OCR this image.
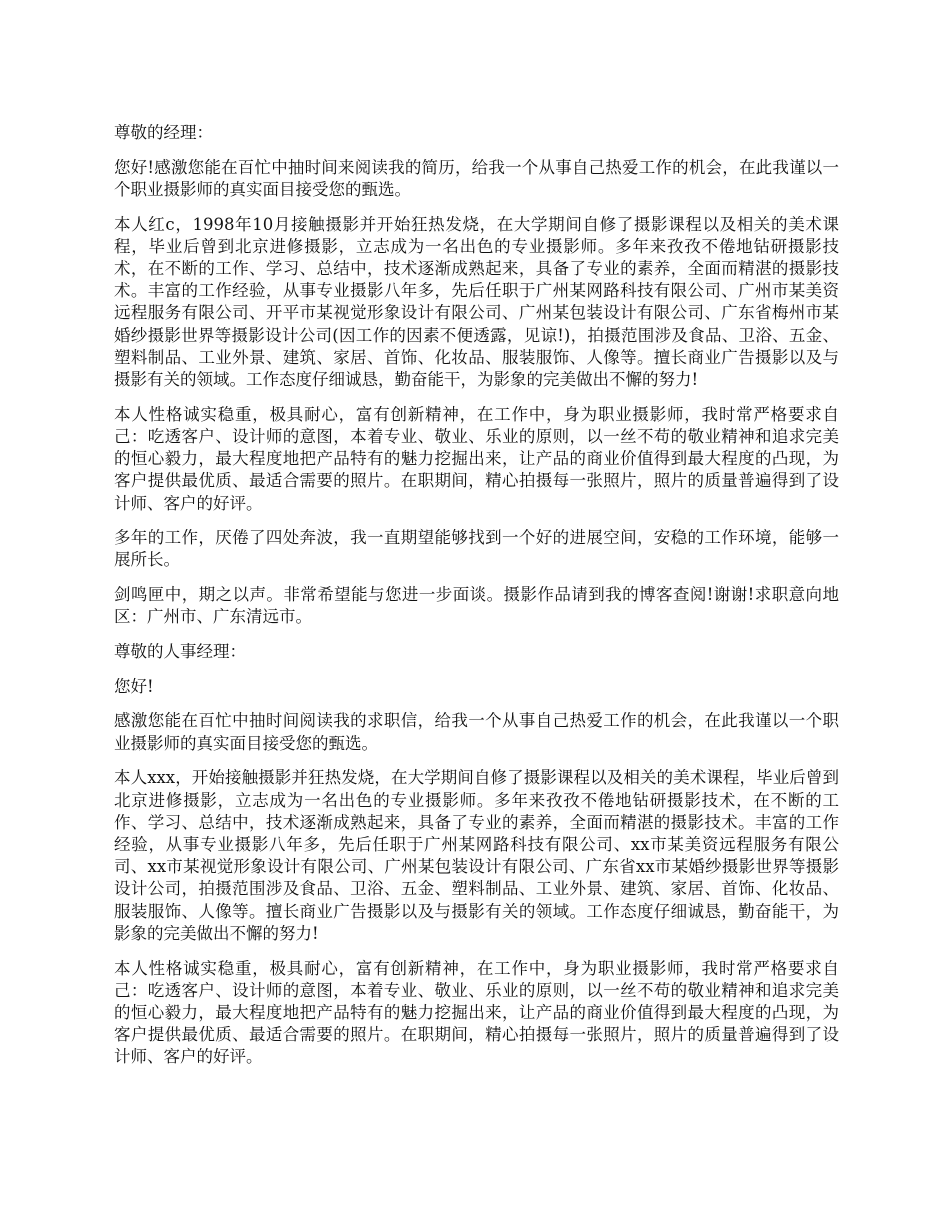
尊敬的经理：

您好!感激您能在百忙中抽时间来阅读我的简历，给我一个从事自己热爱工作的机会，在此我谨以一个职业摄影师的真实面目接受您的甄选。

本人红c，1998年10月接触摄影并开始狂热发烧，在大学期间自修了摄影课程以及相关的美术课程，毕业后曾到北京进修摄影，立志成为一名出色的专业摄影师。多年来孜孜不倦地钻研摄影技术，在不断的工作、学习、总结中，技术逐渐成熟起来，具备了专业的素养，全面而精湛的摄影技术。丰富的工作经验，从事专业摄影八年多，先后任职于广州某网路科技有限公司、广州市某美资远程服务有限公司、开平市某视觉形象设计有限公司、广州某包装设计有限公司、广东省梅州市某婚纱摄影世界等摄影设计公司(因工作的因素不便透露，见谅!)，拍摄范围涉及食品、卫浴、五金、塑料制品、工业外景、建筑、家居、首饰、化妆品、服装服饰、人像等。擅长商业广告摄影以及与摄影有关的领域。工作态度仔细诚恳，勤奋能干，为影象的完美做出不懈的努力!

本人性格诚实稳重，极具耐心，富有创新精神，在工作中，身为职业摄影师，我时常严格要求自己：吃透客户、设计师的意图，本着专业、敬业、乐业的原则，以一丝不苟的敬业精神和追求完美的恒心毅力，最大程度地把产品特有的魅力挖掘出来，让产品的商业价值得到最大程度的凸现，为客户提供最优质、最适合需要的照片。在职期间，精心拍摄每一张照片，照片的质量普遍得到了设计师、客户的好评。

多年的工作，厌倦了四处奔波，我一直期望能够找到一个好的进展空间，安稳的工作环境，能够一展所长。

剑鸣匣中，期之以声。非常希望能与您进一步面谈。摄影作品请到我的博客查阅!谢谢!求职意向地区：广州市、广东清远市。

尊敬的人事经理：

您好!

感激您能在百忙中抽时间阅读我的求职信，给我一个从事自己热爱工作的机会，在此我谨以一个职业摄影师的真实面目接受您的甄选。

本人xxx，开始接触摄影并狂热发烧，在大学期间自修了摄影课程以及相关的美术课程，毕业后曾到北京进修摄影，立志成为一名出色的专业摄影师。多年来孜孜不倦地钻研摄影技术，在不断的工作、学习、总结中，技术逐渐成熟起来，具备了专业的素养，全面而精湛的摄影技术。丰富的工作经验，从事专业摄影八年多，先后任职于广州某网路科技有限公司、xx市某美资远程服务有限公司、xx市某视觉形象设计有限公司、广州某包装设计有限公司、广东省xx市某婚纱摄影世界等摄影设计公司，拍摄范围涉及食品、卫浴、五金、塑料制品、工业外景、建筑、家居、首饰、化妆品、服装服饰、人像等。擅长商业广告摄影以及与摄影有关的领域。工作态度仔细诚恳，勤奋能干，为影象的完美做出不懈的努力!

本人性格诚实稳重，极具耐心，富有创新精神，在工作中，身为职业摄影师，我时常严格要求自己：吃透客户、设计师的意图，本着专业、敬业、乐业的原则，以一丝不苟的敬业精神和追求完美的恒心毅力，最大程度地把产品特有的魅力挖掘出来，让产品的商业价值得到最大程度的凸现，为客户提供最优质、最适合需要的照片。在职期间，精心拍摄每一张照片，照片的质量普遍得到了设计师、客户的好评。
